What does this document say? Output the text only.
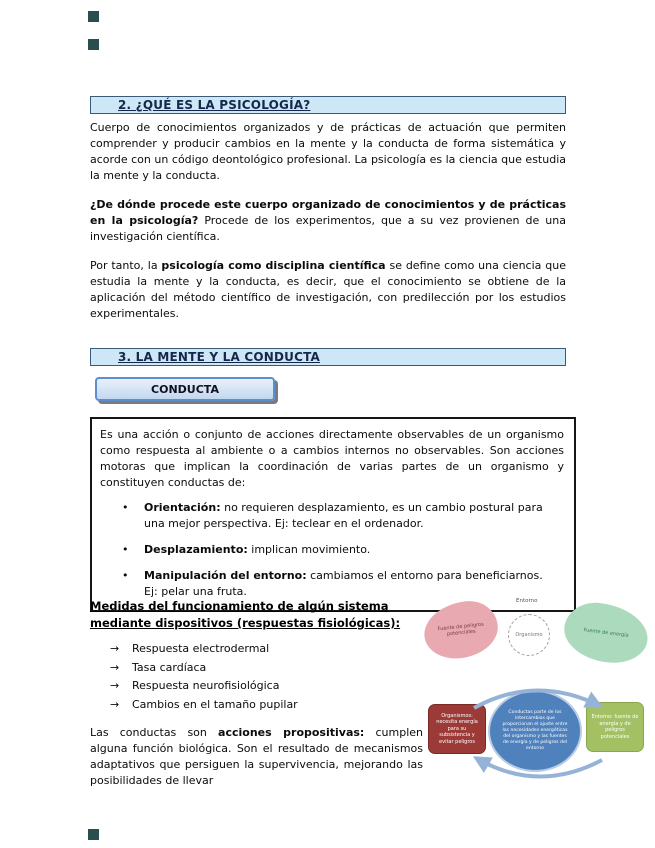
2. ¿QUÉ ES LA PSICOLOGÍA?

Cuerpo de conocimientos organizados y de prácticas de actuación que permiten comprender y producir cambios en la mente y la conducta de forma sistemática y acorde con un código deontológico profesional. La psicología es la ciencia que estudia la mente y la conducta.

¿De dónde procede este cuerpo organizado de conocimientos y de prácticas en la psicología? Procede de los experimentos, que a su vez provienen de una investigación científica.

Por tanto, la psicología como disciplina científica se define como una ciencia que estudia la mente y la conducta, es decir, que el conocimiento se obtiene de la aplicación del método científico de investigación, con predilección por los estudios experimentales.

3. LA MENTE Y LA CONDUCTA
CONDUCTA

Es una acción o conjunto de acciones directamente observables de un organismo como respuesta al ambiente o a cambios internos no observables. Son acciones motoras que implican la coordinación de varias partes de un organismo y constituyen conductas de:

•	Orientación: no requieren desplazamiento, es un cambio postural para una mejor perspectiva. Ej: teclear en el ordenador.
•	Desplazamiento: implican movimiento.
•	Manipulación del entorno: cambiamos el entorno para beneficiarnos. Ej: pelar una fruta.

Medidas del funcionamiento de algún sistema mediante dispositivos (respuestas fisiológicas):

→	Respuesta electrodermal
→	Tasa cardíaca
→	Respuesta neurofisiológica
→	Cambios en el tamaño pupilar

Las conductas son acciones propositivas: cumplen alguna función biológica. Son el resultado de mecanismos adaptativos que persiguen la supervivencia, mejorando las posibilidades de llevar

Entorno
Fuente de peligros potenciales	Organismo	Fuente de energía
Organismos: necesita energía para su subsistencia y evitar peligros
Conductas parte de los intercambios que proporcionan el ajuste entre las necesidades energéticas del organismo y las fuentes de energía y de peligros del entorno
Entorno: fuente de energía y de peligros potenciales
